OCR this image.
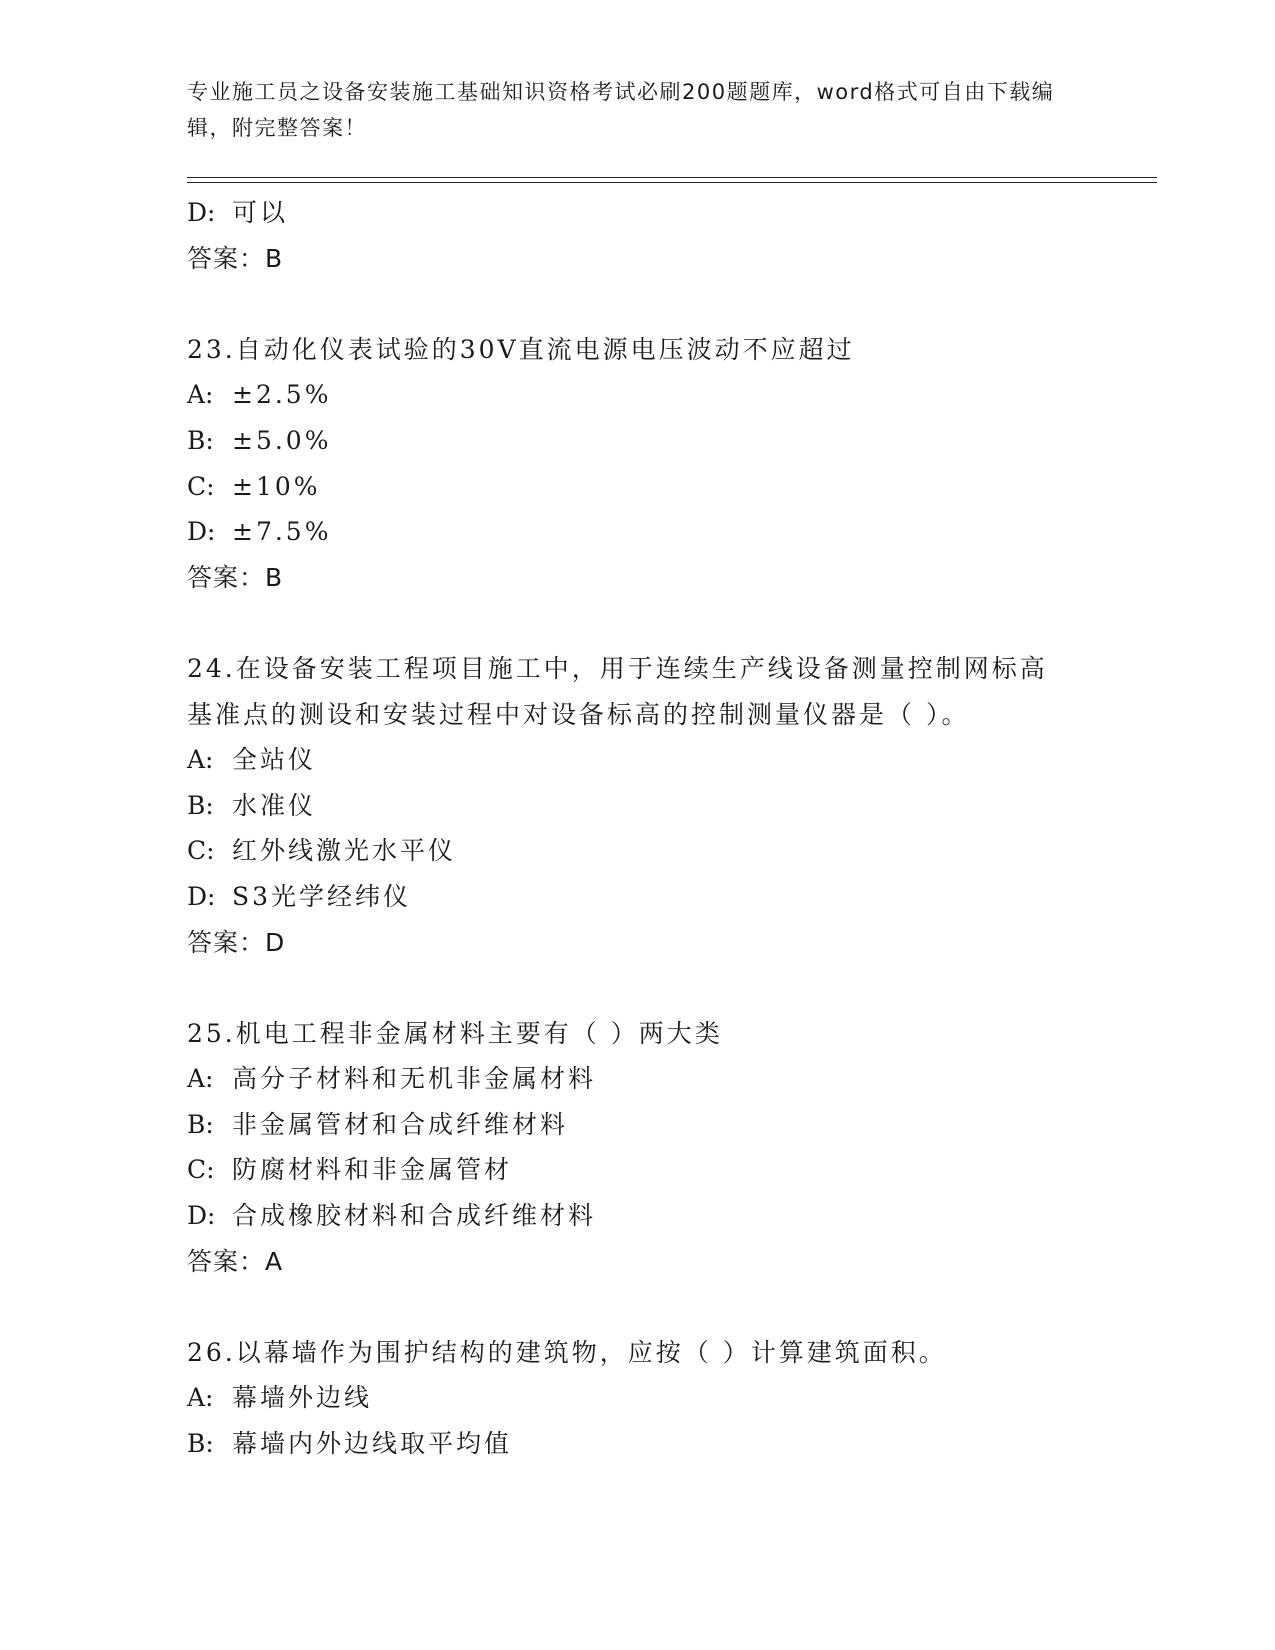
专业施工员之设备安装施工基础知识资格考试必刷200题题库，word格式可自由下载编辑，附完整答案！
D: 可以
答案：B
23.自动化仪表试验的30V直流电源电压波动不应超过
A: ±2.5%
B: ±5.0%
C: ±10%
D: ±7.5%
答案：B
24.在设备安装工程项目施工中，用于连续生产线设备测量控制网标高
基准点的测设和安装过程中对设备标高的控制测量仪器是（ ）。
A: 全站仪
B: 水准仪
C: 红外线激光水平仪
D: S3光学经纬仪
答案：D
25.机电工程非金属材料主要有（ ）两大类
A: 高分子材料和无机非金属材料
B: 非金属管材和合成纤维材料
C: 防腐材料和非金属管材
D: 合成橡胶材料和合成纤维材料
答案：A
26.以幕墙作为围护结构的建筑物，应按（ ）计算建筑面积。
A: 幕墙外边线
B: 幕墙内外边线取平均值
